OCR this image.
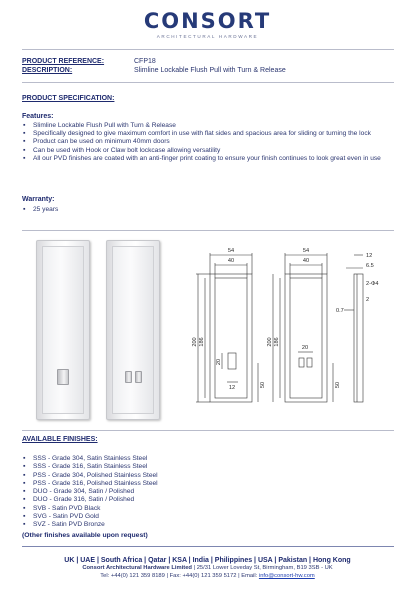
CONSORT
ARCHITECTURAL HARDWARE
PRODUCT REFERENCE:	CFP18
DESCRIPTION:	Slimline Lockable Flush Pull with Turn & Release
PRODUCT SPECIFICATION:
Features:
▪ Slimline Lockable Flush Pull with Turn & Release
▪ Specifically designed to give maximum comfort in use with flat sides and spacious area for sliding or turning the lock
▪ Product can be used on minimum 40mm doors
▪ Can be used with Hook or Claw bolt lockcase allowing versatility
▪ All our PVD finishes are coated with an anti-finger print coating to ensure your finish continues to look great even in use
Warranty:
▪ 25 years
54
40
200 186
20
12	50
54
40
200 186
20
50
12
6.5
2-Φ4
2
0.7
AVAILABLE FINISHES:
▪ SSS - Grade 304, Satin Stainless Steel
▪ SSS - Grade 316, Satin Stainless Steel
▪ PSS - Grade 304, Polished Stainless Steel
▪ PSS - Grade 316, Polished Stainless Steel
▪ DUO - Grade 304, Satin / Polished
▪ DUO - Grade 316, Satin / Polished
▪ SVB - Satin PVD Black
▪ SVG - Satin PVD Gold
▪ SVZ - Satin PVD Bronze
(Other finishes available upon request)
UK | UAE | South Africa | Qatar | KSA | India | Philippines | USA | Pakistan | Hong Kong
Consort Architectural Hardware Limited | 25/31 Lower Loveday St, Birmingham, B19 3SB - UK
Tel: +44(0) 121 359 8189 | Fax: +44(0) 121 359 5172 | Email: info@consort-hw.com
